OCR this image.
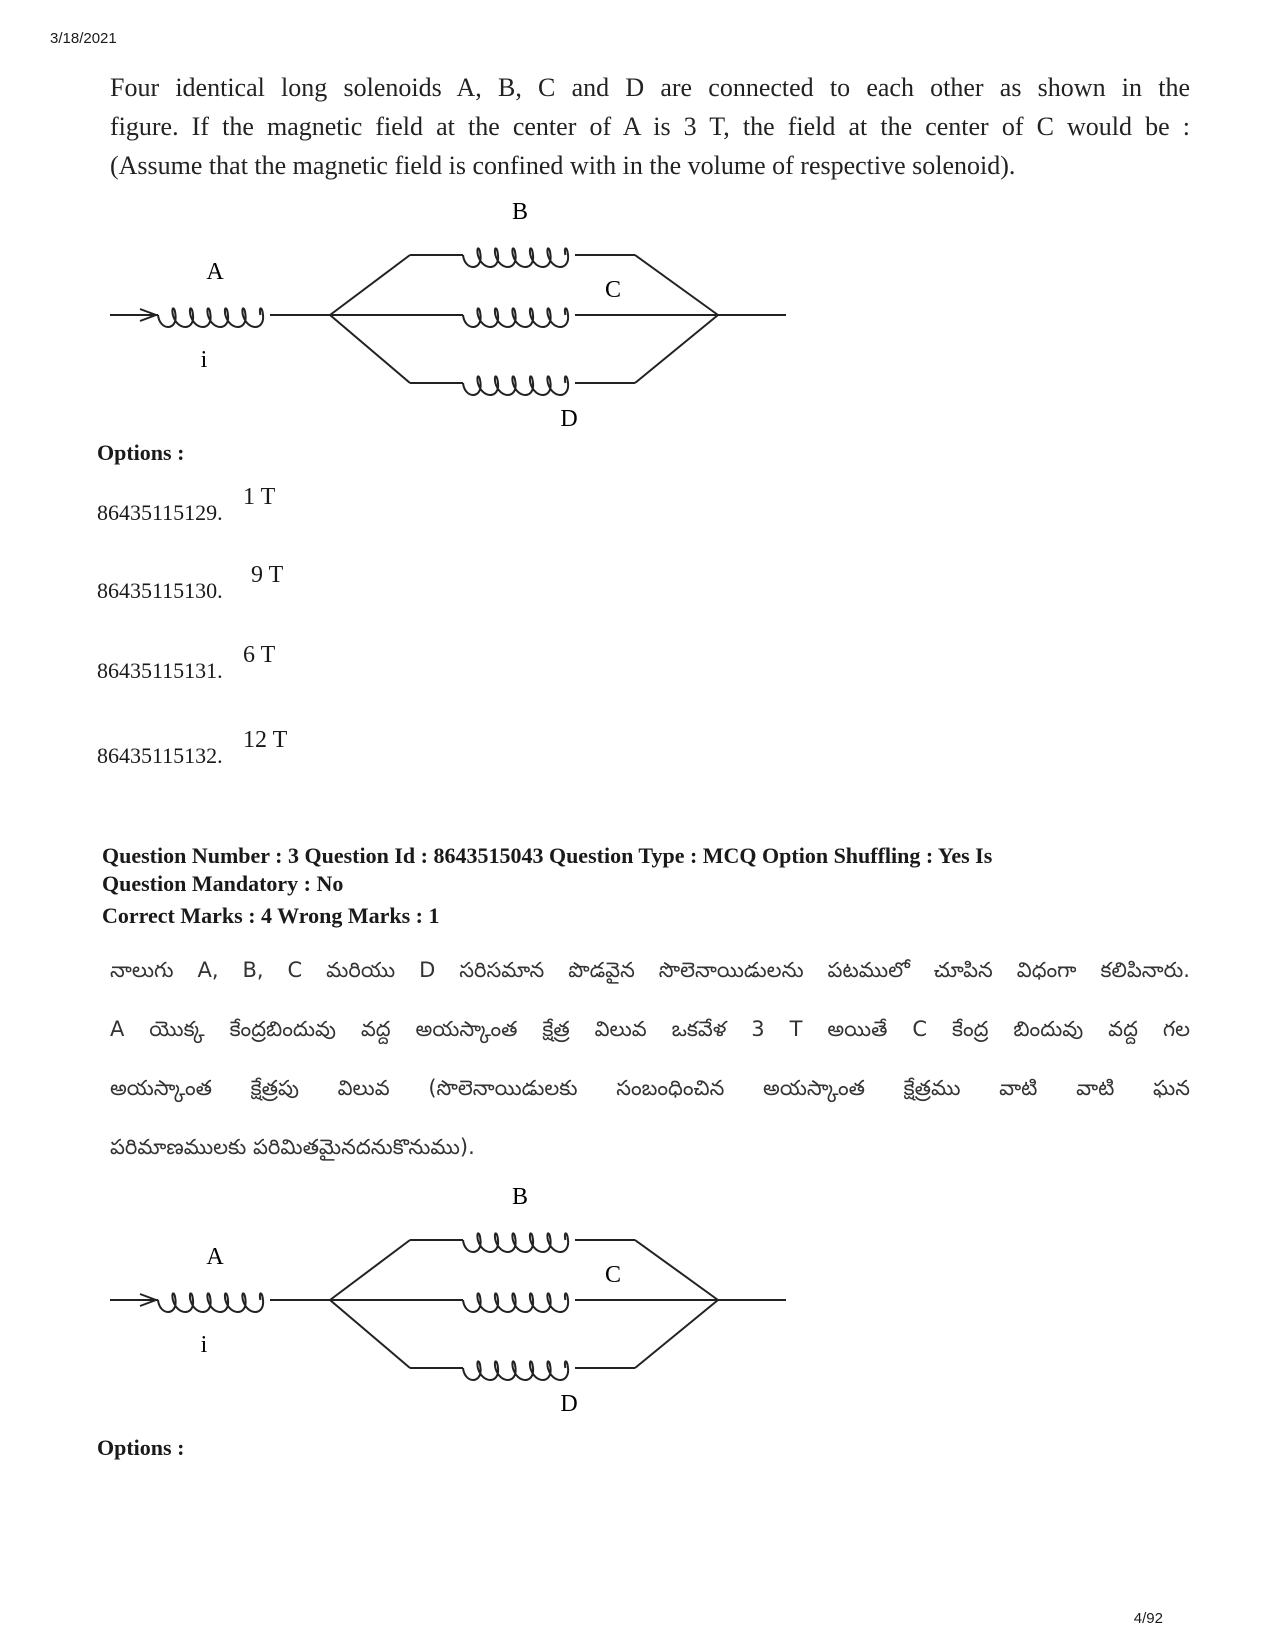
3/18/2021
4/92
Four identical long solenoids A, B, C and D are connected to each other as shown in the
figure. If the magnetic field at the center of A is 3 T, the field at the center of C would be :
(Assume that the magnetic field is confined with in the volume of respective solenoid).
A
B
C
D
i
Options :
86435115129.
1 T
86435115130.
9 T
86435115131.
6 T
86435115132.
12 T
Question Number : 3 Question Id : 8643515043 Question Type : MCQ Option Shuffling : Yes Is
Question Mandatory : No
Correct Marks : 4 Wrong Marks : 1
నాలుగు A, B, C మరియు D సరిసమాన పొడవైన సొలెనాయిడులను పటములో చూపిన విధంగా కలిపినారు.
A యొక్క కేంద్రబిందువు వద్ద అయస్కాంత క్షేత్ర విలువ ఒకవేళ 3 T అయితే C కేంద్ర బిందువు వద్ద గల
అయస్కాంత క్షేత్రపు విలువ (సొలెనాయిడులకు సంబంధించిన అయస్కాంత క్షేత్రము వాటి వాటి ఘన
పరిమాణములకు పరిమితమైనదనుకొనుము).
A
B
C
D
i
Options :
